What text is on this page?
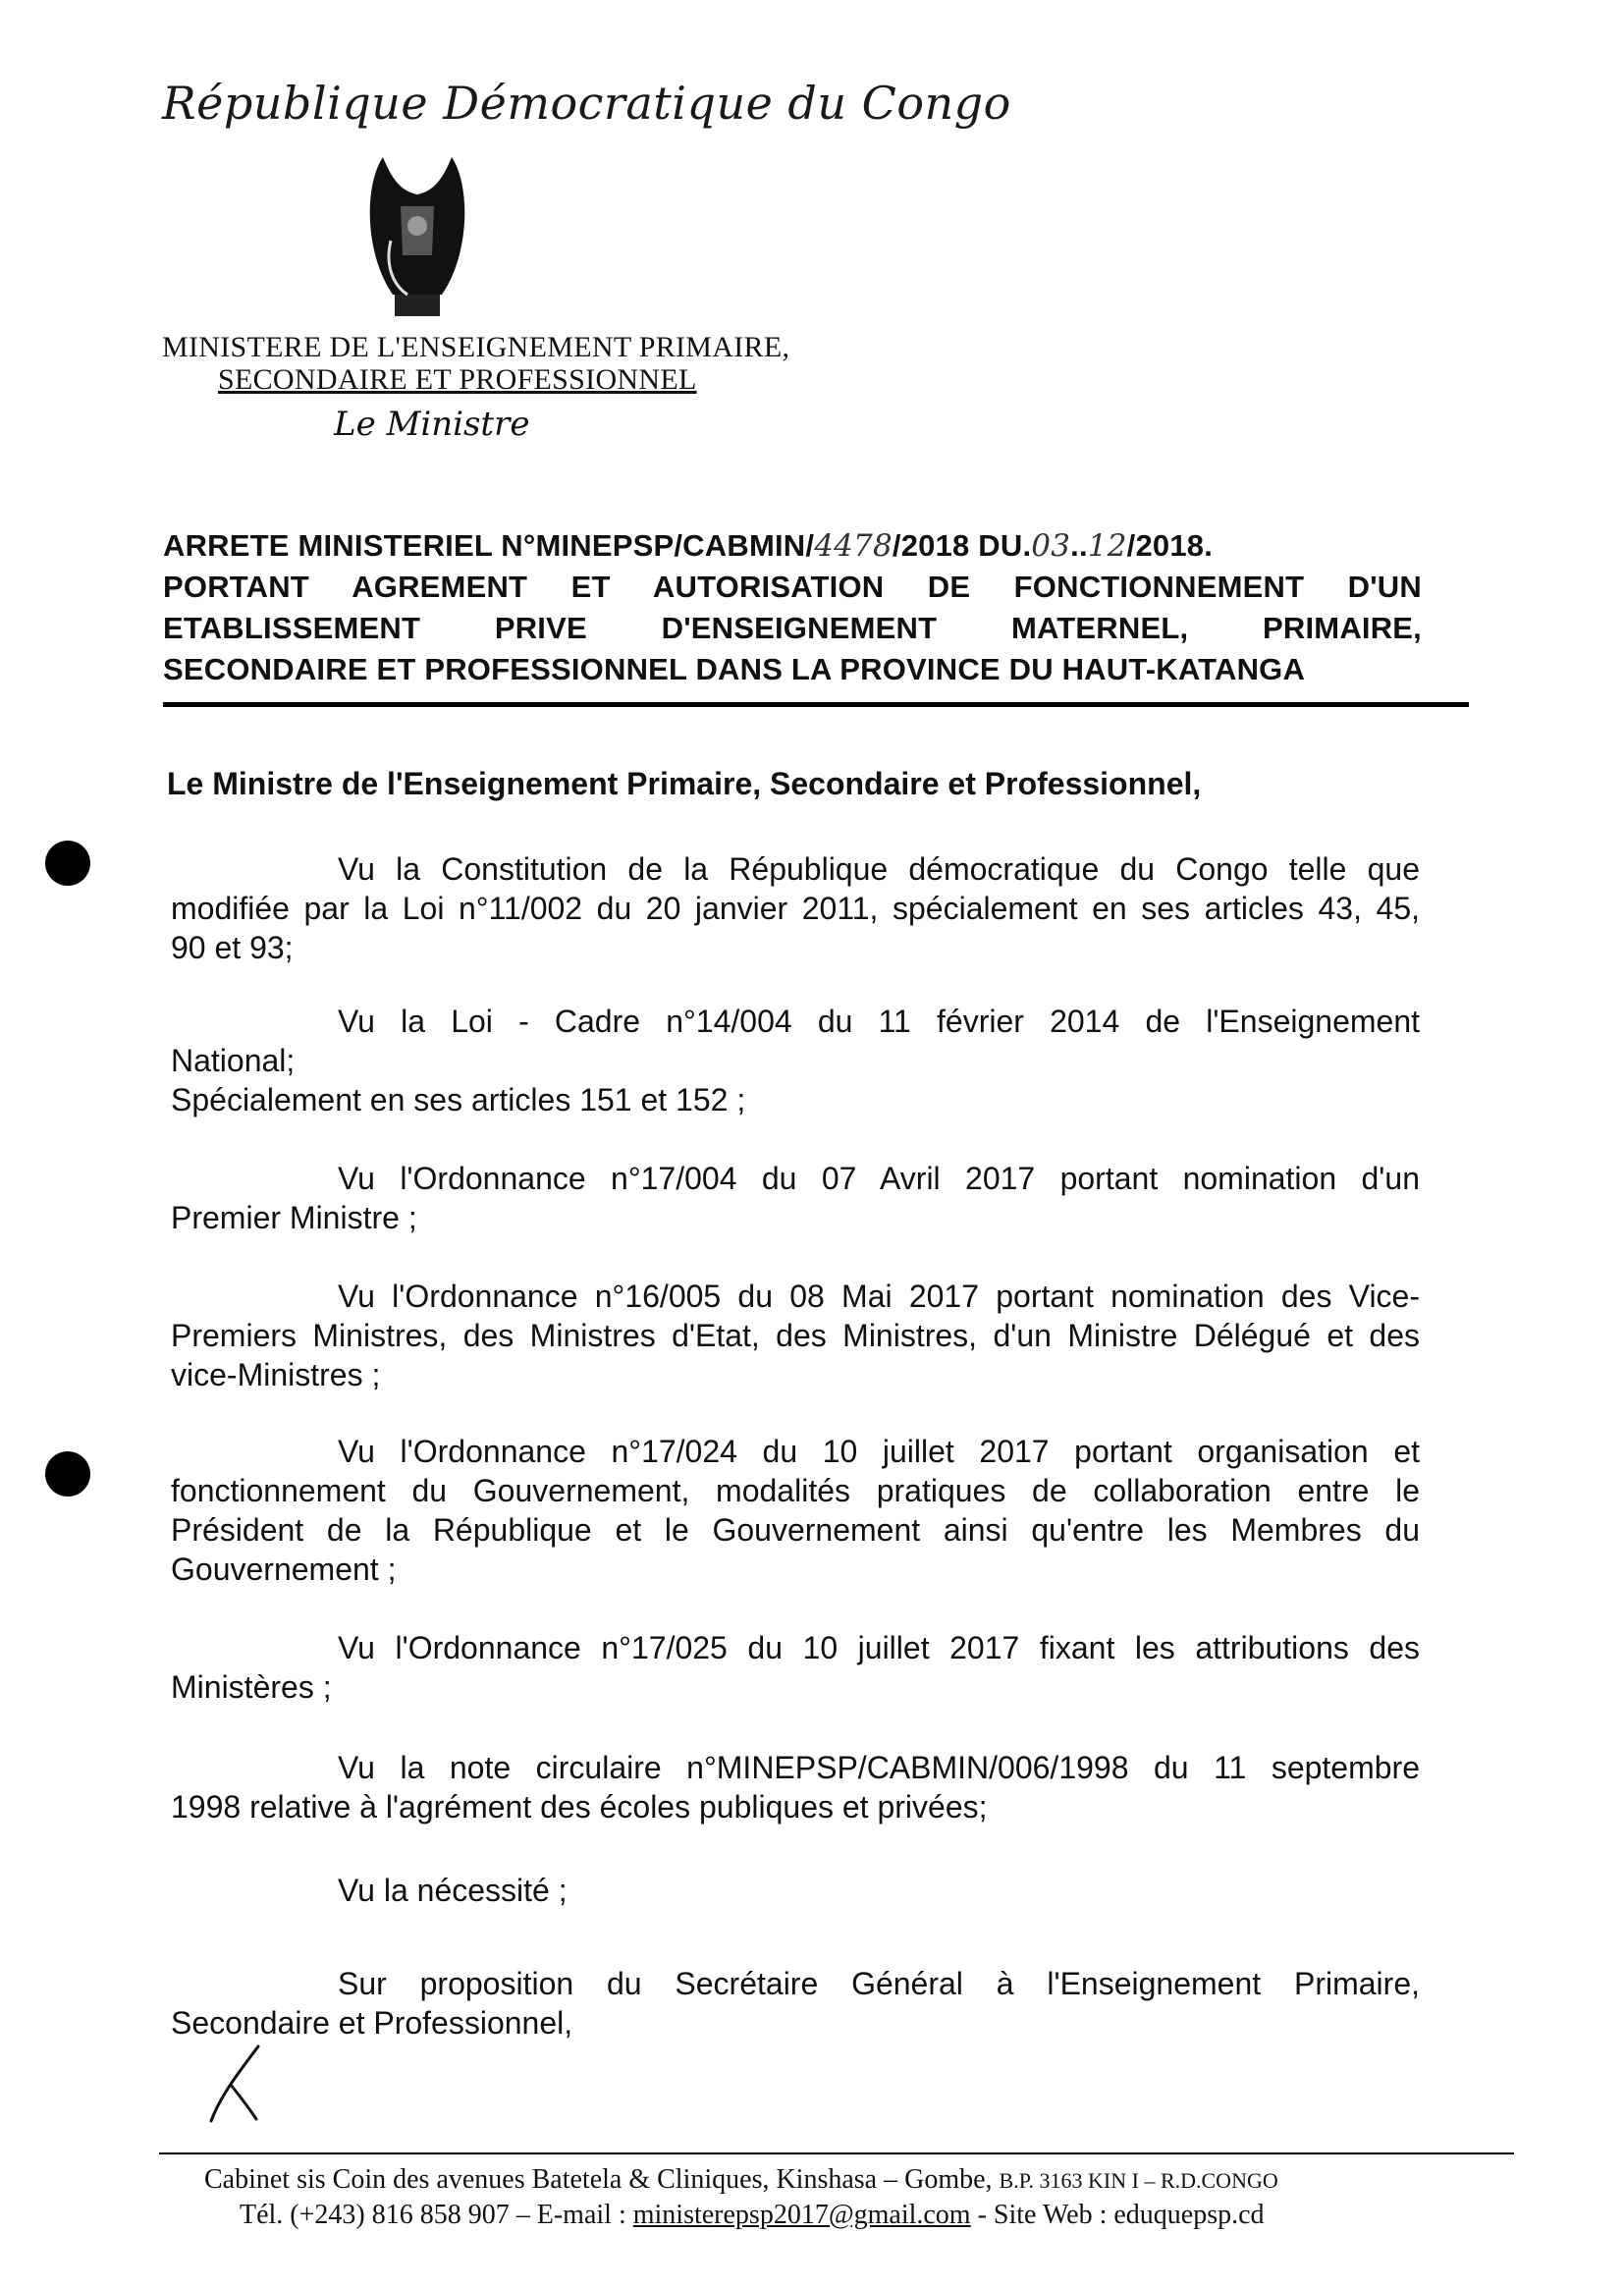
République Démocratique du Congo
MINISTERE DE L'ENSEIGNEMENT PRIMAIRE,
SECONDAIRE ET PROFESSIONNEL
Le Ministre
ARRETE MINISTERIEL N°MINEPSP/CABMIN/4478/2018 DU.03..12/2018.
PORTANT AGREMENT ET AUTORISATION DE FONCTIONNEMENT D'UN
ETABLISSEMENT PRIVE D'ENSEIGNEMENT MATERNEL, PRIMAIRE,
SECONDAIRE ET PROFESSIONNEL DANS LA PROVINCE DU HAUT-KATANGA
Le Ministre de l'Enseignement Primaire, Secondaire et Professionnel,
Vu la Constitution de la République démocratique du Congo telle que
modifiée par la Loi n°11/002 du 20 janvier 2011, spécialement en ses articles 43, 45,
90 et 93;
Vu la Loi - Cadre n°14/004 du 11 février 2014 de l'Enseignement
National;
Spécialement en ses articles 151 et 152 ;
Vu l'Ordonnance n°17/004 du 07 Avril 2017 portant nomination d'un
Premier Ministre ;
Vu l'Ordonnance n°16/005 du 08 Mai 2017 portant nomination des Vice-
Premiers Ministres, des Ministres d'Etat, des Ministres, d'un Ministre Délégué et des
vice-Ministres ;
Vu l'Ordonnance n°17/024 du 10 juillet 2017 portant organisation et
fonctionnement du Gouvernement, modalités pratiques de collaboration entre le
Président de la République et le Gouvernement ainsi qu'entre les Membres du
Gouvernement ;
Vu l'Ordonnance n°17/025 du 10 juillet 2017 fixant les attributions des
Ministères ;
Vu la note circulaire n°MINEPSP/CABMIN/006/1998 du 11 septembre
1998 relative à l'agrément des écoles publiques et privées;
Vu la nécessité ;
Sur proposition du Secrétaire Général à l'Enseignement Primaire,
Secondaire et Professionnel,
Cabinet sis Coin des avenues Batetela & Cliniques, Kinshasa – Gombe, B.P. 3163 KIN I – R.D.CONGO
Tél. (+243) 816 858 907 – E-mail : ministerepsp2017@gmail.com - Site Web : eduquepsp.cd
